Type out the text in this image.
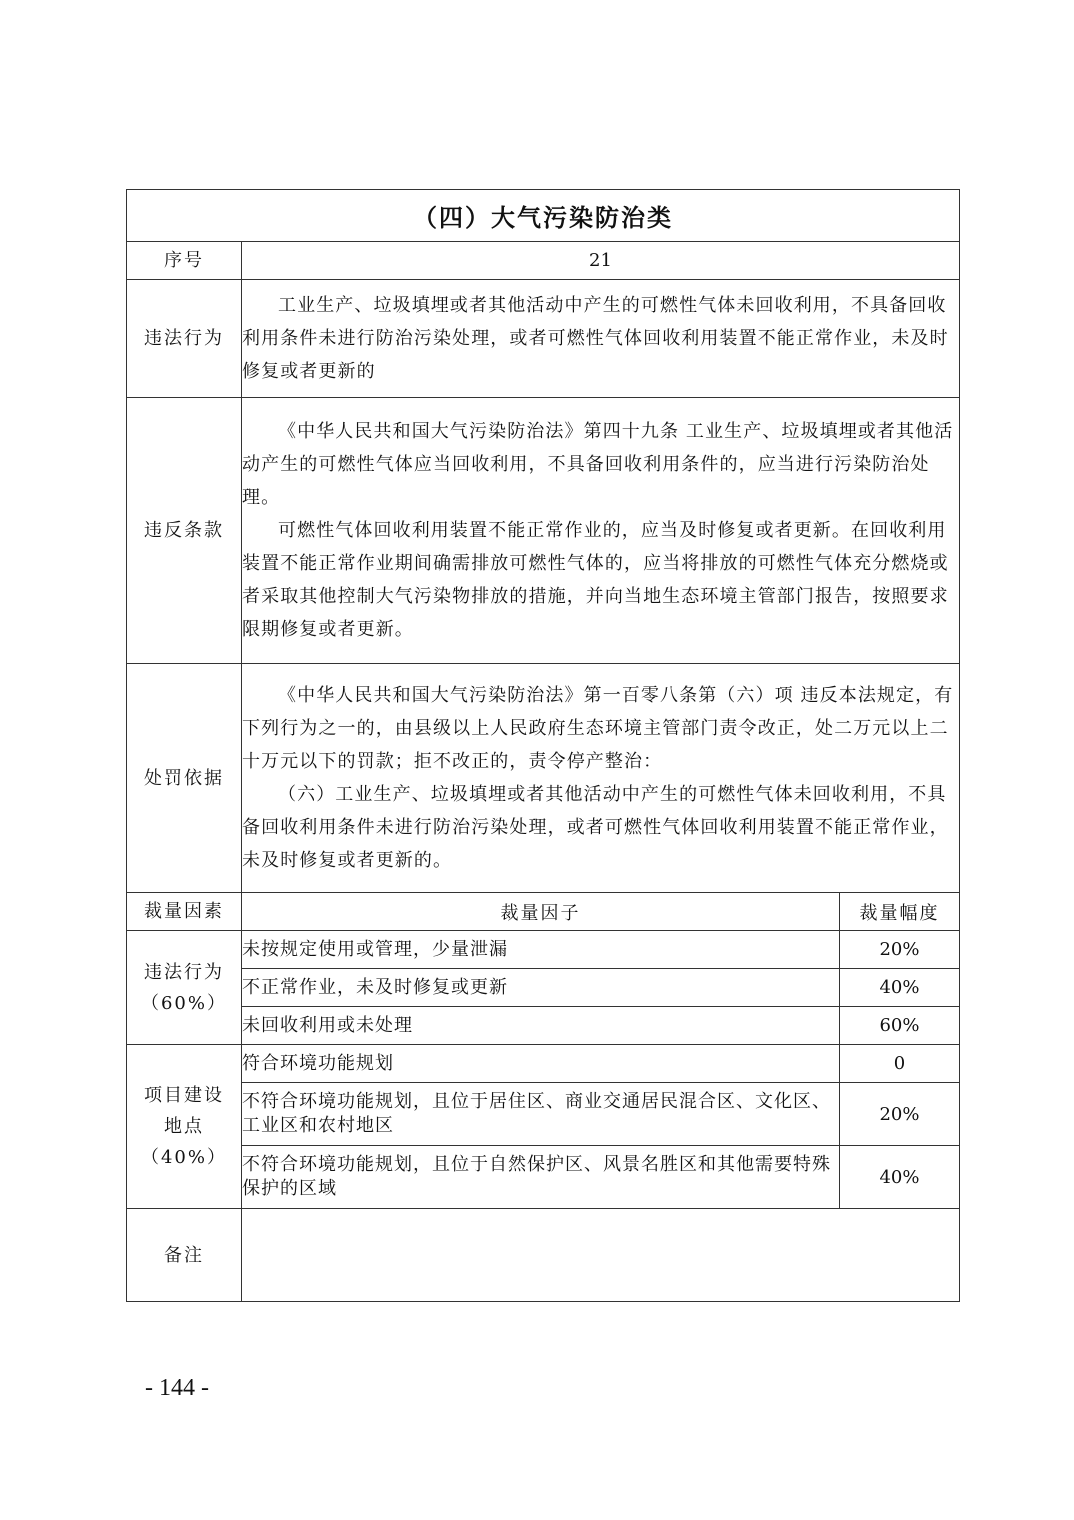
（四）大气污染防治类		
序号	21	
违法行为	工业生产、垃圾填埋或者其他活动中产生的可燃性气体未回收利用，不具备回收利用条件未进行防治污染处理，或者可燃性气体回收利用装置不能正常作业，未及时修复或者更新的	

违反条款	《中华人民共和国大气污染防治法》第四十九条 工业生产、垃圾填埋或者其他活动产生的可燃性气体应当回收利用，不具备回收利用条件的，应当进行污染防治处理。

可燃性气体回收利用装置不能正常作业的，应当及时修复或者更新。在回收利用装置不能正常作业期间确需排放可燃性气体的，应当将排放的可燃性气体充分燃烧或者采取其他控制大气污染物排放的措施，并向当地生态环境主管部门报告，按照要求限期修复或者更新。	

处罚依据	《中华人民共和国大气污染防治法》第一百零八条第（六）项 违反本法规定，有下列行为之一的，由县级以上人民政府生态环境主管部门责令改正，处二万元以上二十万元以下的罚款；拒不改正的，责令停产整治：

（六）工业生产、垃圾填埋或者其他活动中产生的可燃性气体未回收利用，不具备回收利用条件未进行防治污染处理，或者可燃性气体回收利用装置不能正常作业，未及时修复或者更新的。	

裁量因素	裁量因子	裁量幅度

违法行为
（60%）	未按规定使用或管理，少量泄漏	20%
	不正常作业，未及时修复或更新	40%
	未回收利用或未处理	60%

项目建设
地点
（40%）	符合环境功能规划	0
	不符合环境功能规划，且位于居住区、商业交通居民混合区、文化区、工业区和农村地区	20%
	不符合环境功能规划，且位于自然保护区、风景名胜区和其他需要特殊保护的区域	40%
备注		
- 144 -
